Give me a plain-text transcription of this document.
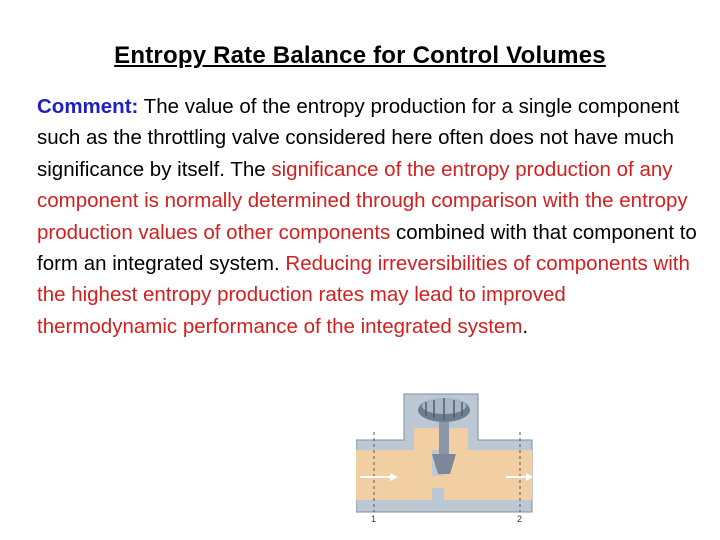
Entropy Rate Balance for Control Volumes
Comment: The value of the entropy production for a single component such as the throttling valve considered here often does not have much significance by itself. The significance of the entropy production of any component is normally determined through comparison with the entropy production values of other components combined with that component to form an integrated system. Reducing irreversibilities of components with the highest entropy production rates may lead to improved thermodynamic performance of the integrated system.
1	2
